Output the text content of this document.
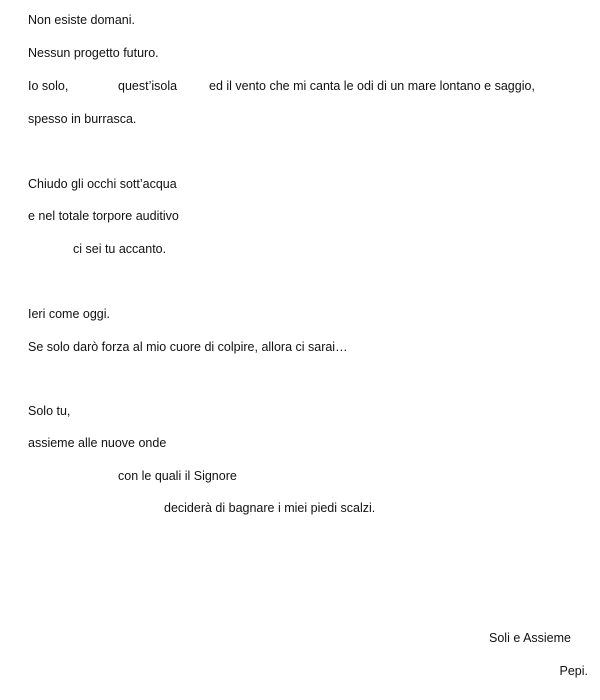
Non esiste domani.
Nessun progetto futuro.
Io solo,	quest’isola	ed il vento che mi canta le odi di un mare lontano e saggio,
spesso in burrasca.
Chiudo gli occhi sott’acqua
e nel totale torpore auditivo
ci sei tu accanto.
Ieri come oggi.
Se solo darò forza al mio cuore di colpire, allora ci sarai…
Solo tu,
assieme alle nuove onde
con le quali il Signore
deciderà di bagnare i miei piedi scalzi.
Soli e Assieme
Pepi.
